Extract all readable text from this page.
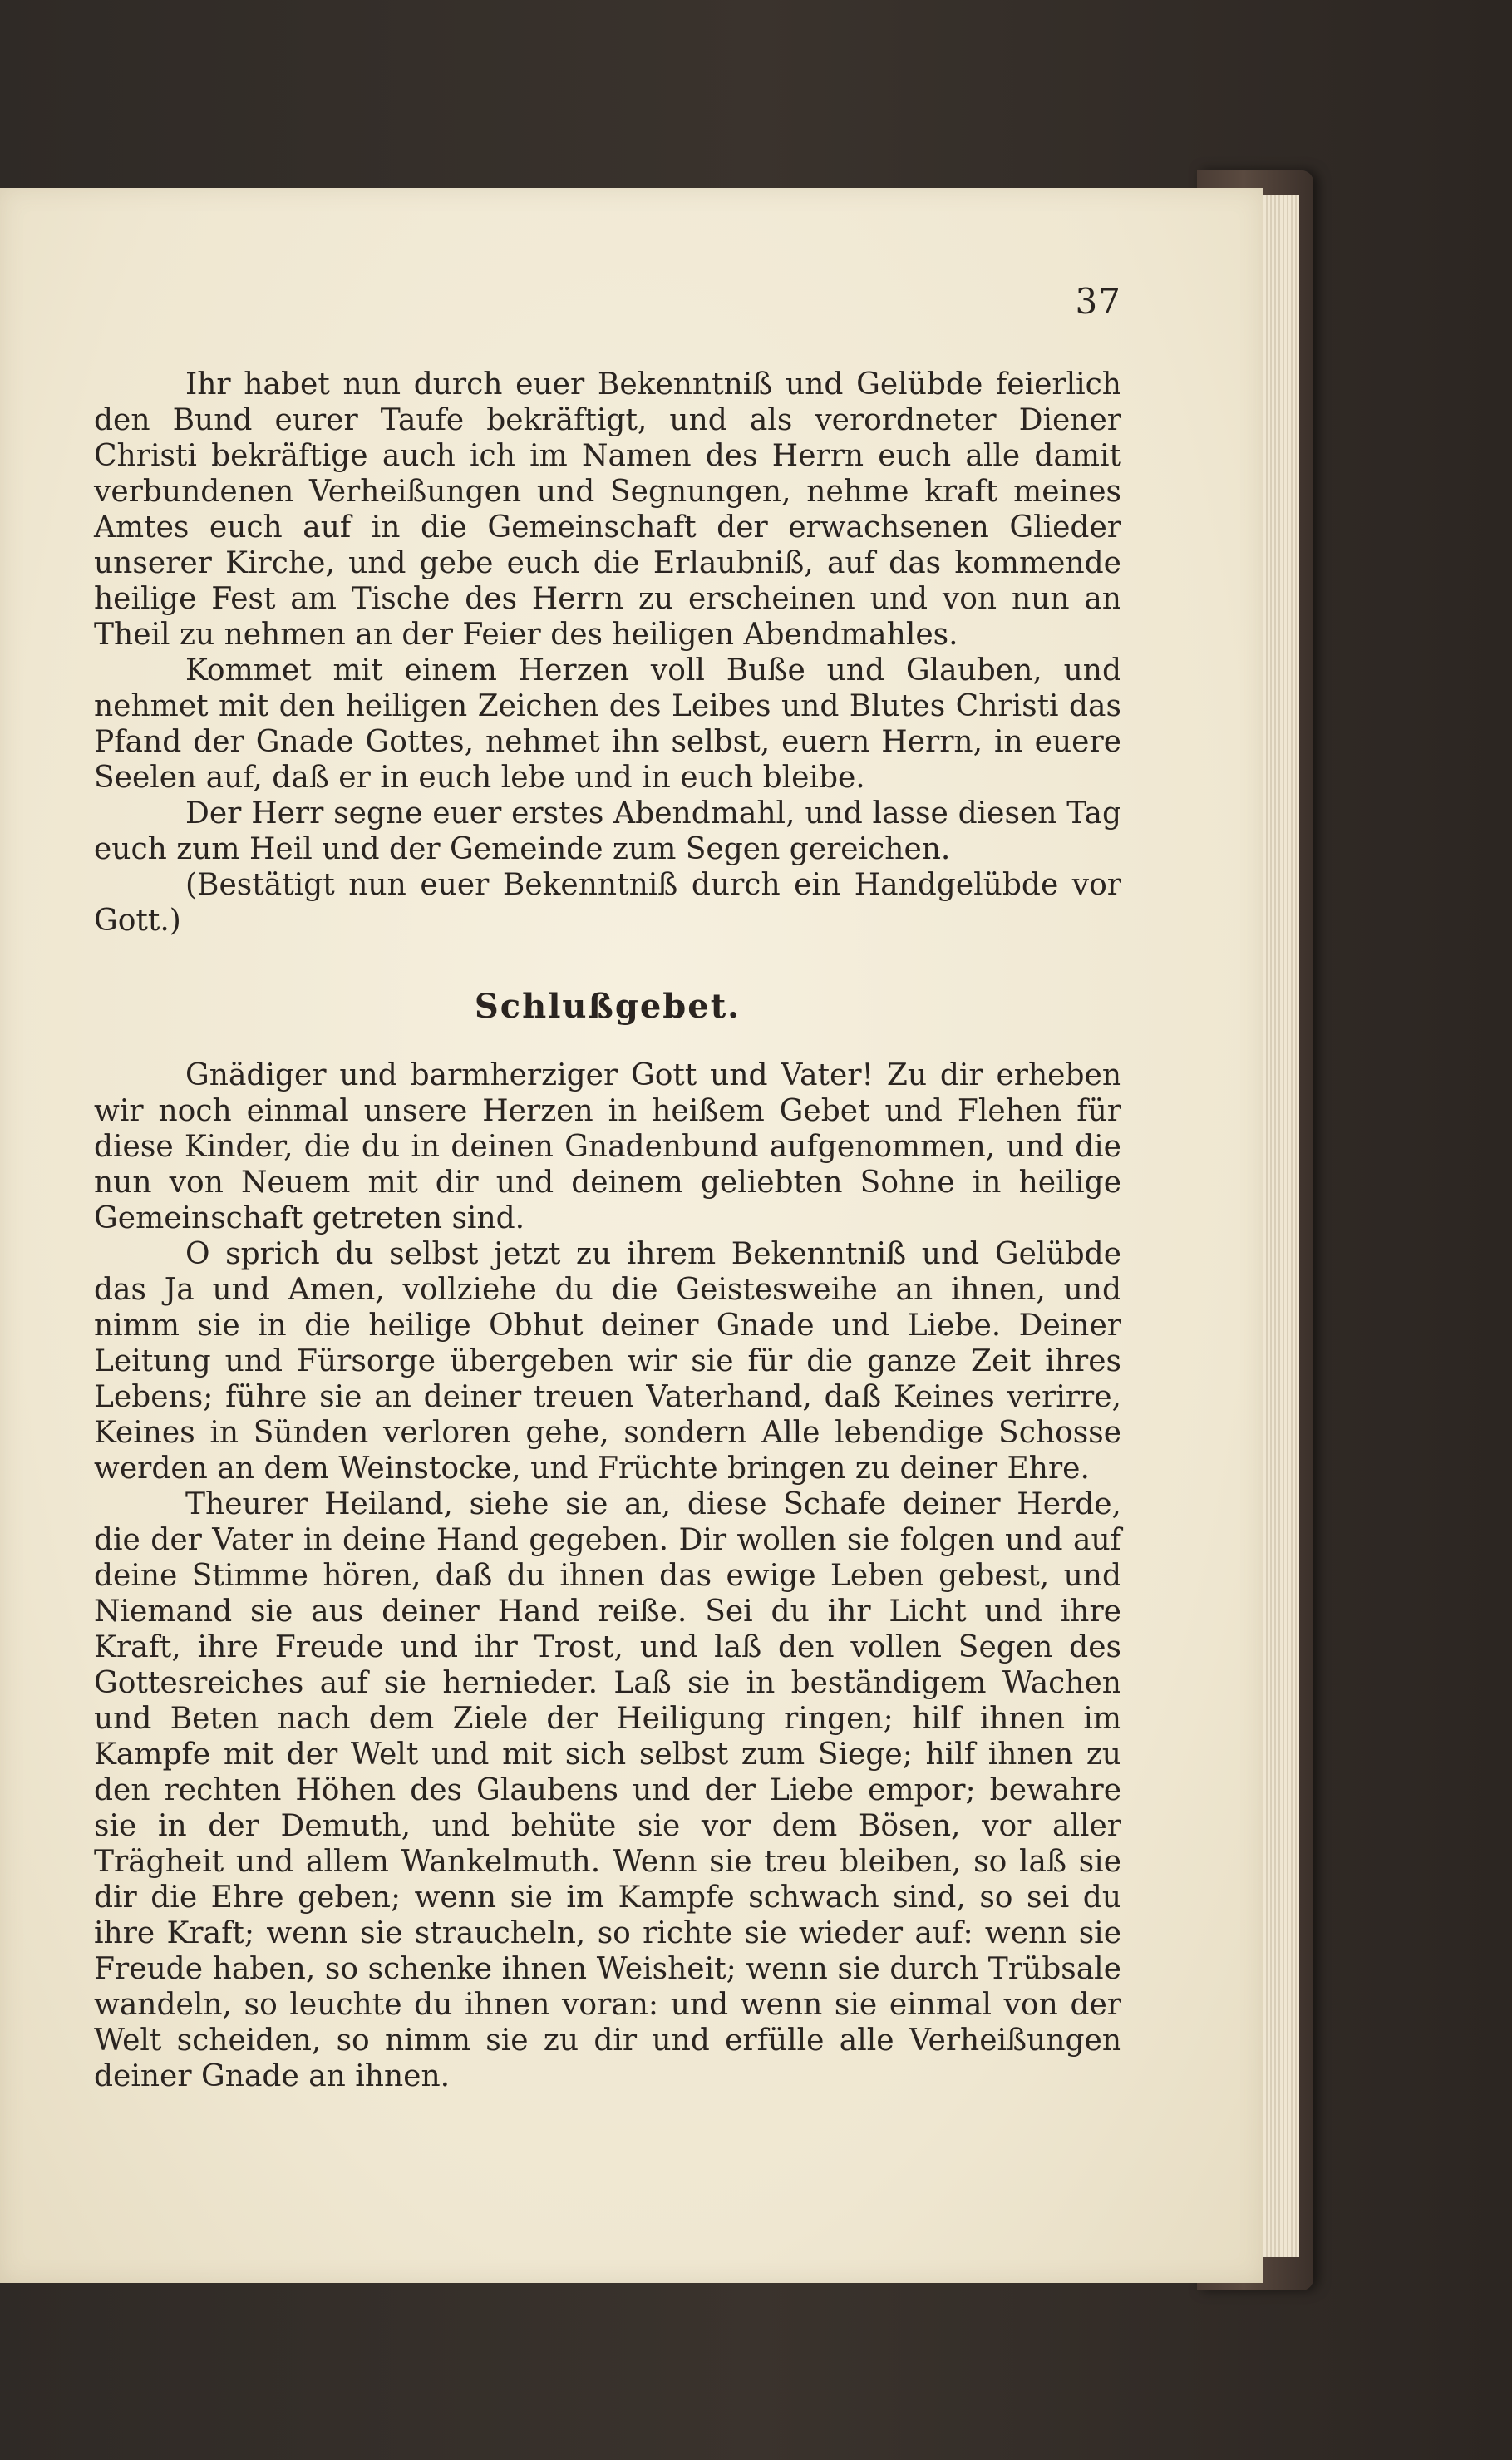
37

Ihr habet nun durch euer Bekenntniß und Gelübde feierlich den Bund eurer Taufe bekräftigt, und als verordneter Diener Christi bekräftige auch ich im Namen des Herrn euch alle damit verbundenen Verheißungen und Segnungen, nehme kraft meines Amtes euch auf in die Gemeinschaft der erwachsenen Glieder unserer Kirche, und gebe euch die Erlaubniß, auf das kommende heilige Fest am Tische des Herrn zu erscheinen und von nun an Theil zu nehmen an der Feier des heiligen Abendmahles.

Kommet mit einem Herzen voll Buße und Glauben, und nehmet mit den heiligen Zeichen des Leibes und Blutes Christi das Pfand der Gnade Gottes, nehmet ihn selbst, euern Herrn, in euere Seelen auf, daß er in euch lebe und in euch bleibe.

Der Herr segne euer erstes Abendmahl, und lasse diesen Tag euch zum Heil und der Gemeinde zum Segen gereichen.

(Bestätigt nun euer Bekenntniß durch ein Handgelübde vor Gott.)

Schlußgebet.

Gnädiger und barmherziger Gott und Vater! Zu dir erheben wir noch einmal unsere Herzen in heißem Gebet und Flehen für diese Kinder, die du in deinen Gnadenbund aufgenommen, und die nun von Neuem mit dir und deinem geliebten Sohne in heilige Gemeinschaft getreten sind.

O sprich du selbst jetzt zu ihrem Bekenntniß und Gelübde das Ja und Amen, vollziehe du die Geistesweihe an ihnen, und nimm sie in die heilige Obhut deiner Gnade und Liebe. Deiner Leitung und Fürsorge übergeben wir sie für die ganze Zeit ihres Lebens; führe sie an deiner treuen Vaterhand, daß Keines verirre, Keines in Sünden verloren gehe, sondern Alle lebendige Schosse werden an dem Weinstocke, und Früchte bringen zu deiner Ehre.

Theurer Heiland, siehe sie an, diese Schafe deiner Herde, die der Vater in deine Hand gegeben. Dir wollen sie folgen und auf deine Stimme hören, daß du ihnen das ewige Leben gebest, und Niemand sie aus deiner Hand reiße. Sei du ihr Licht und ihre Kraft, ihre Freude und ihr Trost, und laß den vollen Segen des Gottesreiches auf sie hernieder. Laß sie in beständigem Wachen und Beten nach dem Ziele der Heiligung ringen; hilf ihnen im Kampfe mit der Welt und mit sich selbst zum Siege; hilf ihnen zu den rechten Höhen des Glaubens und der Liebe empor; bewahre sie in der Demuth, und behüte sie vor dem Bösen, vor aller Trägheit und allem Wankelmuth. Wenn sie treu bleiben, so laß sie dir die Ehre geben; wenn sie im Kampfe schwach sind, so sei du ihre Kraft; wenn sie straucheln, so richte sie wieder auf: wenn sie Freude haben, so schenke ihnen Weisheit; wenn sie durch Trübsale wandeln, so leuchte du ihnen voran: und wenn sie einmal von der Welt scheiden, so nimm sie zu dir und erfülle alle Verheißungen deiner Gnade an ihnen.
